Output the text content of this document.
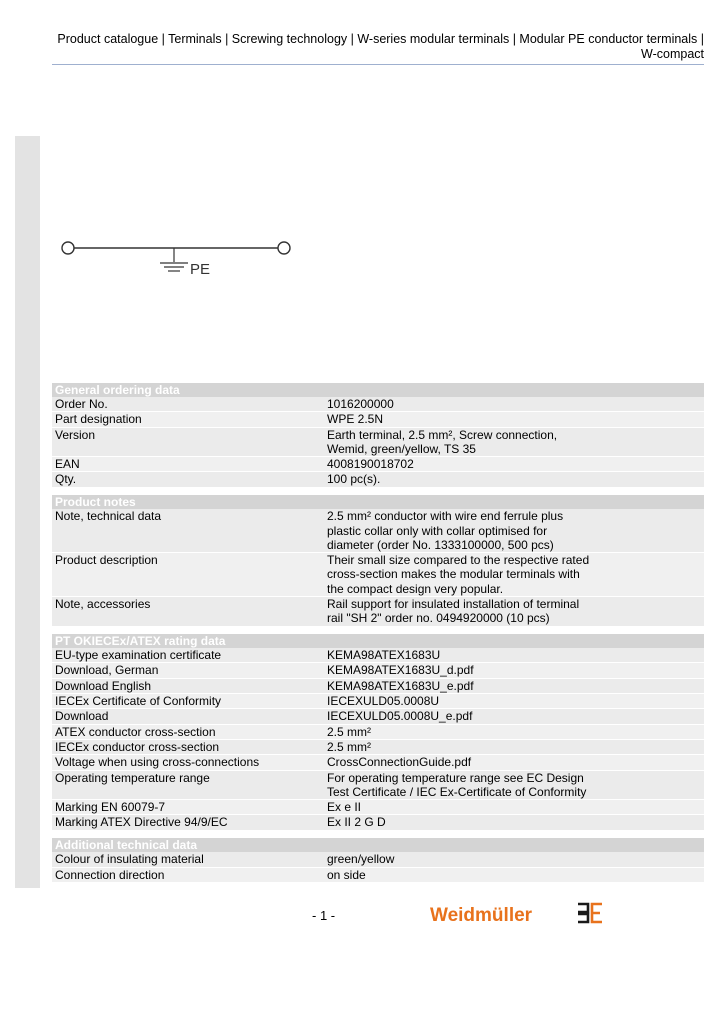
Product catalogue | Terminals | Screwing technology | W-series modular terminals | Modular PE conductor terminals | W-compact
PE
General ordering data
Order No.	1016200000
Part designation	WPE 2.5N
Version	Earth terminal, 2.5 mm², Screw connection, Wemid, green/yellow, TS 35
EAN	4008190018702
Qty.	100 pc(s).
Product notes
Note, technical data	2.5 mm² conductor with wire end ferrule plus plastic collar only with collar optimised for diameter (order No. 1333100000, 500 pcs)
Product description	Their small size compared to the respective rated cross-section makes the modular terminals with the compact design very popular.
Note, accessories	Rail support for insulated installation of terminal rail "SH 2" order no. 0494920000 (10 pcs)
PT OKIECEx/ATEX rating data
EU-type examination certificate	KEMA98ATEX1683U
Download, German	KEMA98ATEX1683U_d.pdf
Download English	KEMA98ATEX1683U_e.pdf
IECEx Certificate of Conformity	IECEXULD05.0008U
Download	IECEXULD05.0008U_e.pdf
ATEX conductor cross-section	2.5 mm²
IECEx conductor cross-section	2.5 mm²
Voltage when using cross-connections	CrossConnectionGuide.pdf
Operating temperature range	For operating temperature range see EC Design Test Certificate / IEC Ex-Certificate of Conformity
Marking EN 60079-7	Ex e II
Marking ATEX Directive 94/9/EC	Ex II 2 G D
Additional technical data
Colour of insulating material	green/yellow
Connection direction	on side
- 1 -	Weidmüller
